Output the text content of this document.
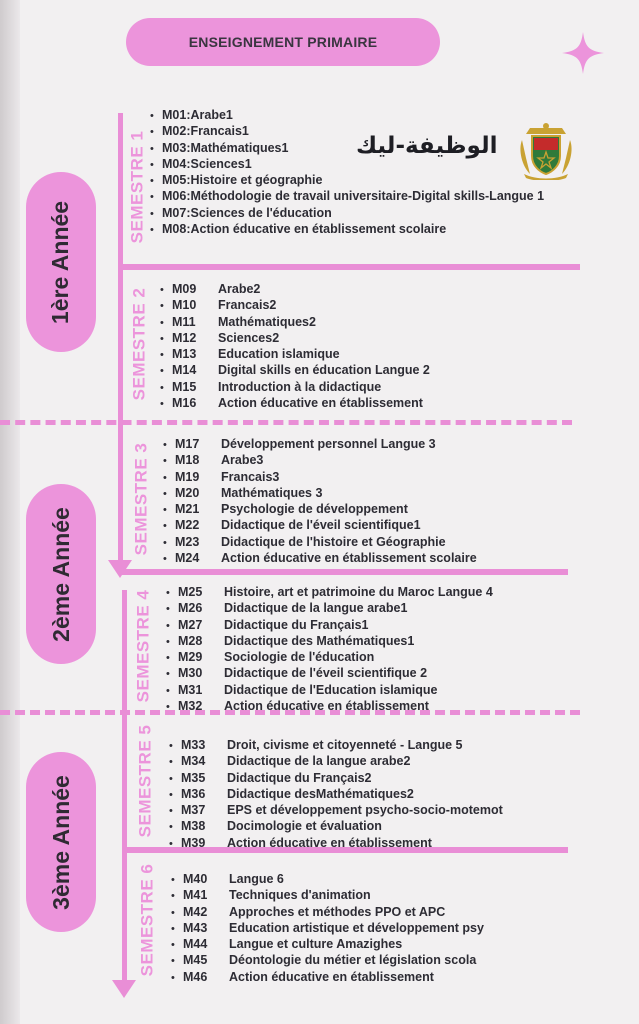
ENSEIGNEMENT PRIMAIRE
الوظيفة-ليك
1ère Année
2ème Année
3ème Année
SEMESTRE 1
SEMESTRE 2
SEMESTRE 3
SEMESTRE 4
SEMESTRE 5
SEMESTRE 6
• M01:Arabe1
• M02:Francais1
• M03:Mathématiques1
• M04:Sciences1
• M05:Histoire et géographie
• M06:Méthodologie de travail universitaire-Digital skills-Langue 1
• M07:Sciences de l'éducation
• M08:Action éducative en établissement scolaire
• M09 Arabe2
• M10 Francais2
• M11 Mathématiques2
• M12 Sciences2
• M13 Education islamique
• M14 Digital skills en éducation Langue 2
• M15 Introduction à la didactique
• M16 Action éducative en établissement
• M17 Développement personnel Langue 3
• M18 Arabe3
• M19 Francais3
• M20 Mathématiques 3
• M21 Psychologie de développement
• M22 Didactique de l'éveil scientifique1
• M23 Didactique de l'histoire et Géographie
• M24 Action éducative en établissement scolaire
• M25 Histoire, art et patrimoine du Maroc Langue 4
• M26 Didactique de la langue arabe1
• M27 Didactique du Français1
• M28 Didactique des Mathématiques1
• M29 Sociologie de l'éducation
• M30 Didactique de l'éveil scientifique 2
• M31 Didactique de l'Education islamique
• M32 Action éducative en établissement
• M33 Droit, civisme et citoyenneté - Langue 5
• M34 Didactique de la langue arabe2
• M35 Didactique du Français2
• M36 Didactique desMathématiques2
• M37 EPS et développement psycho-socio-motemot
• M38 Docimologie et évaluation
• M39 Action éducative en établissement
• M40 Langue 6
• M41 Techniques d'animation
• M42 Approches et méthodes PPO et APC
• M43 Education artistique et développement psy
• M44 Langue et culture Amazighes
• M45 Déontologie du métier et législation scola
• M46 Action éducative en établissement
